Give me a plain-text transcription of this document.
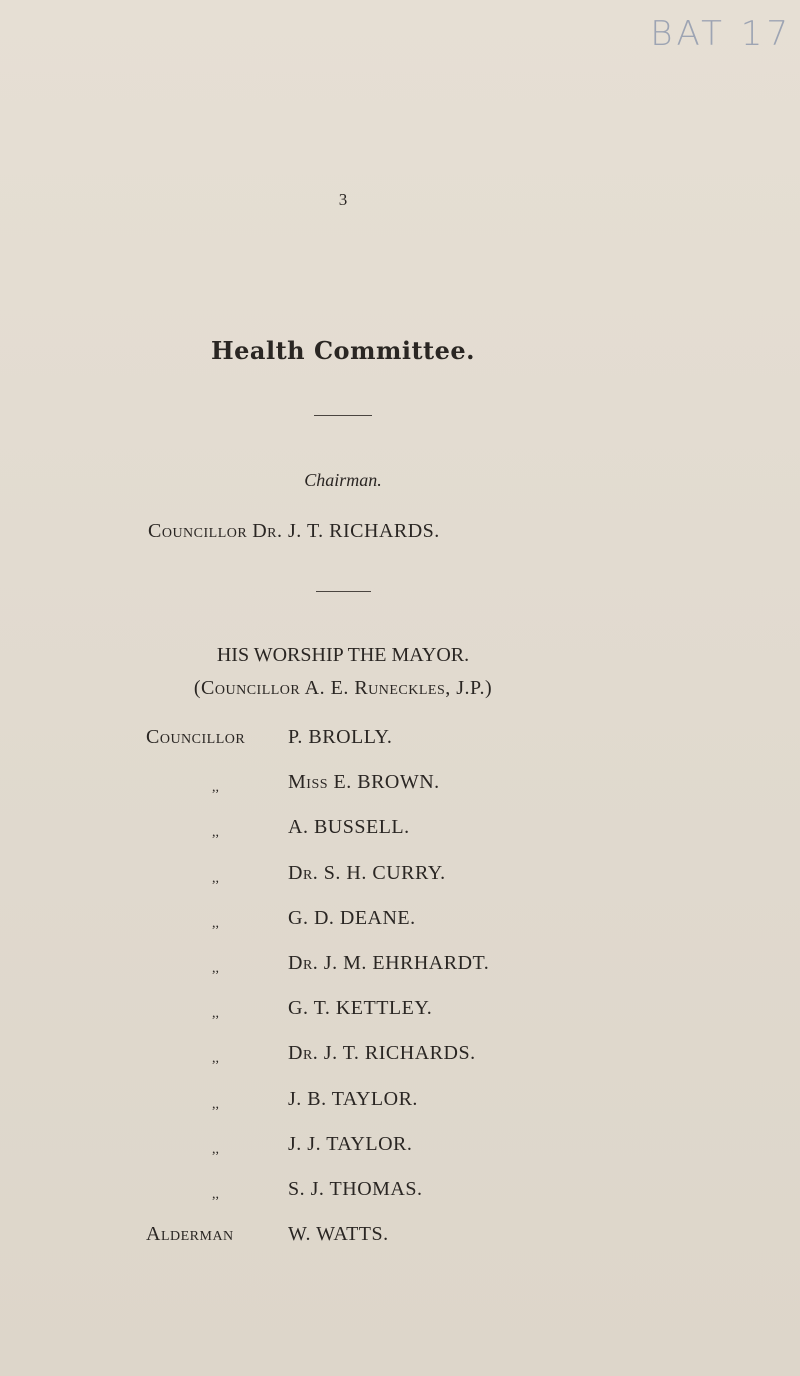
BAT 17
3
Health Committee.
Chairman.
Councillor Dr. J. T. RICHARDS.
HIS WORSHIP THE MAYOR.
(Councillor A. E. Runeckles, J.P.)
Councillor P. BROLLY.
,,	Miss E. BROWN.
,,	A. BUSSELL.
,,	Dr. S. H. CURRY.
,,	G. D. DEANE.
,,	Dr. J. M. EHRHARDT.
,,	G. T. KETTLEY.
,,	Dr. J. T. RICHARDS.
,,	J. B. TAYLOR.
,,	J. J. TAYLOR.
,,	S. J. THOMAS.
Alderman	W. WATTS.
